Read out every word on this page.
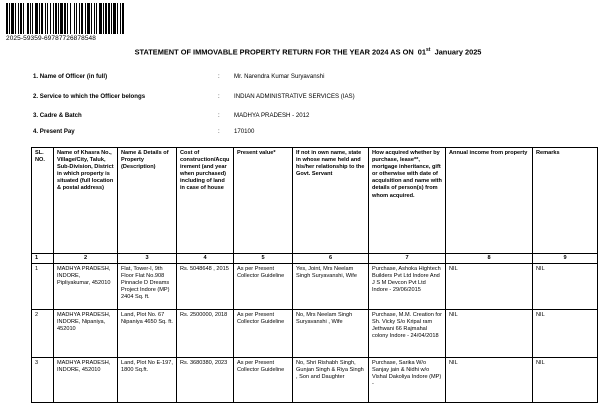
2025-59359-69787726878548
STATEMENT OF IMMOVABLE PROPERTY RETURN FOR THE YEAR 2024 AS ON 01st January 2025
1. Name of Officer (in full)	: Mr. Narendra Kumar Suryavanshi
2. Service to which the Officer belongs	: INDIAN ADMINISTRATIVE SERVICES (IAS)
3. Cadre & Batch	: MADHYA PRADESH - 2012
4. Present Pay	: 170100
SL. NO.	Name of Khasra No., Village/City, Taluk, Sub-Division, District in which property is situated (full location & postal address)	Name & Details of Property (Description)	Cost of construction/Acquirement (and year when purchased) including of land in case of house	Present value*	If not in own name, state in whose name held and his/her relationship to the Govt. Servant	How acquired whether by purchase, lease**, mortgage inheritance, gift or otherwise with date of acquisition and name with details of person(s) from whom acquired.	Annual income from property	Remarks
1	2	3	4	5	6	7	8	9
1	MADHYA PRADESH, INDORE, Pipliyakumar, 452010	Flat, Tower-I, 9th Floor Flat No.908 Pinnacle D Dreams Project Indore (MP) 2404 Sq. ft.	Rs. 5048648 , 2015	As per Present Collector Guideline	Yes, Joint, Mrs Neelam Singh Suryavanshi, Wife	Purchase, Ashoka Hightech Builders Pvt Ltd Indore And J S M Devcon Pvt Ltd Indore - 29/06/2015	NIL	NIL
2	MADHYA PRADESH, INDORE, Nipaniya, 452010	Land, Plot No. 67 Nipaniya 4650 Sq. ft.	Rs. 2500000, 2018	As per Present Collector Guideline	No, Mrs Neelam Singh Suryavanshi , Wife	Purchase, M.M. Creation for Sh. Vicky S/o Kripal ram Jethwani 66 Rajmahal colony Indore - 24/04/2018	NIL	NIL
3	MADHYA PRADESH, INDORE, 452010	Land, Plot No E-197, 1800 Sq.ft.	Rs. 3680380, 2023	As per Present Collector Guideline	No, Shri Rishabh Singh, Gunjan Singh & Riya Singh , Son and Daughter	Purchase, Sarika W/o Sanjay jain & Nidhi w/o Vishal Dakoliya Indore (MP) -	NIL	NIL
